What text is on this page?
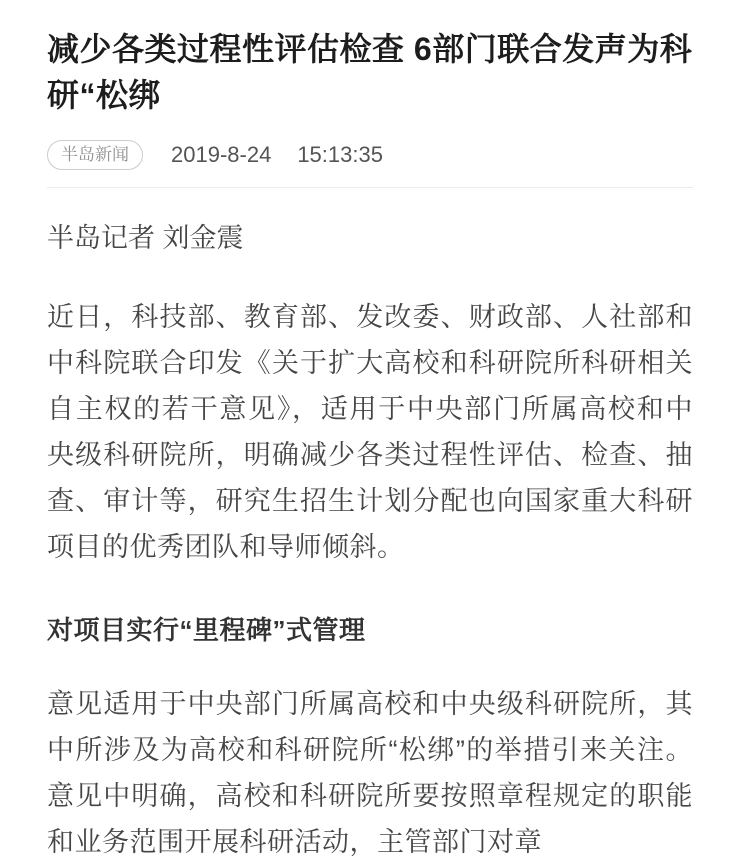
减少各类过程性评估检查 6部门联合发声为科研“松绑
半岛新闻	2019-8-24 15:13:35

半岛记者 刘金震

近日，科技部、教育部、发改委、财政部、人社部和中科院联合印发《关于扩大高校和科研院所科研相关自主权的若干意见》，适用于中央部门所属高校和中央级科研院所，明确减少各类过程性评估、检查、抽查、审计等，研究生招生计划分配也向国家重大科研项目的优秀团队和导师倾斜。

对项目实行“里程碑”式管理

意见适用于中央部门所属高校和中央级科研院所，其中所涉及为高校和科研院所“松绑”的举措引来关注。意见中明确，高校和科研院所要按照章程规定的职能和业务范围开展科研活动，主管部门对章
